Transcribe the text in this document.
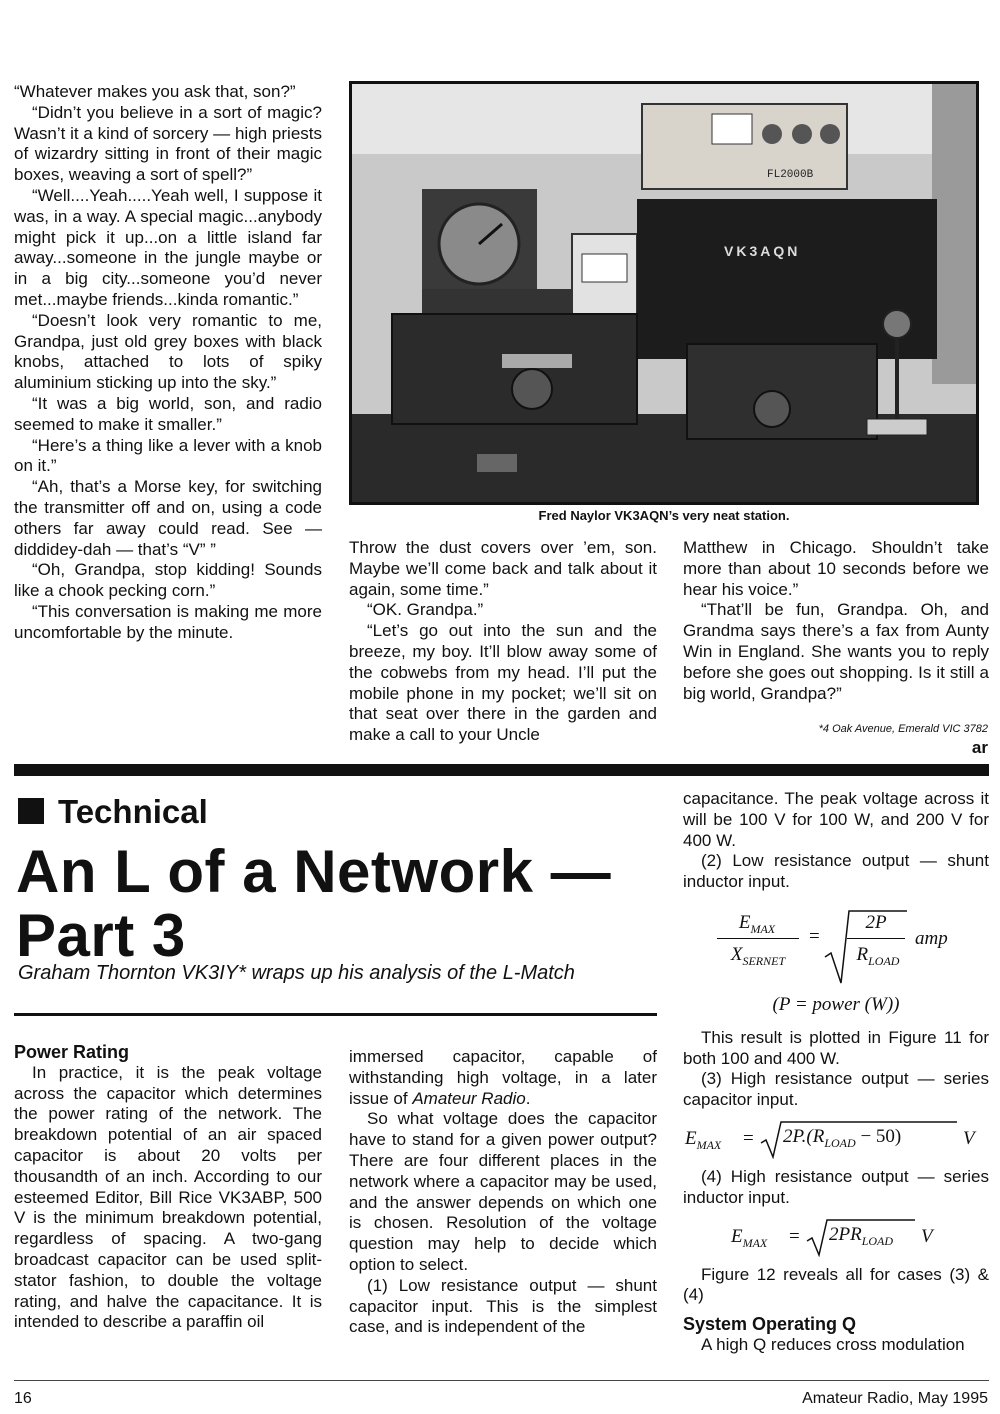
“Whatever makes you ask that, son?”

“Didn’t you believe in a sort of magic? Wasn’t it a kind of sorcery — high priests of wizardry sitting in front of their magic boxes, weaving a sort of spell?”

“Well....Yeah.....Yeah well, I suppose it was, in a way. A special magic...anybody might pick it up...on a little island far away...someone in the jungle maybe or in a big city...someone you’d never met...maybe friends...kinda romantic.”

“Doesn’t look very romantic to me, Grandpa, just old grey boxes with black knobs, attached to lots of spiky aluminium sticking up into the sky.”

“It was a big world, son, and radio seemed to make it smaller.”

“Here’s a thing like a lever with a knob on it.”

“Ah, that’s a Morse key, for switching the transmitter off and on, using a code others far away could read. See — diddidey-dah — that’s “V” ”

“Oh, Grandpa, stop kidding! Sounds like a chook pecking corn.”

“This conversation is making me more uncomfortable by the minute.

FL2000B
VK3AQN
Fred Naylor VK3AQN’s very neat station.

Throw the dust covers over ’em, son. Maybe we’ll come back and talk about it again, some time.”

“OK. Grandpa.”

“Let’s go out into the sun and the breeze, my boy. It’ll blow away some of the cobwebs from my head. I’ll put the mobile phone in my pocket; we’ll sit on that seat over there in the garden and make a call to your Uncle

Matthew in Chicago. Shouldn’t take more than about 10 seconds before we hear his voice.”

“That’ll be fun, Grandpa. Oh, and Grandma says there’s a fax from Aunty Win in England. She wants you to reply before she goes out shopping. Is it still a big world, Grandpa?”

*4 Oak Avenue, Emerald VIC 3782
ar
Technical
An L of a Network —
Part 3
Graham Thornton VK3IY* wraps up his analysis of the L-Match

Power Rating

In practice, it is the peak voltage across the capacitor which determines the power rating of the network. The breakdown potential of an air spaced capacitor is about 20 volts per thousandth of an inch. According to our esteemed Editor, Bill Rice VK3ABP, 500 V is the minimum breakdown potential, regardless of spacing. A two-gang broadcast capacitor can be used split-stator fashion, to double the voltage rating, and halve the capacitance. It is intended to describe a paraffin oil

immersed capacitor, capable of withstanding high voltage, in a later issue of Amateur Radio.

So what voltage does the capacitor have to stand for a given power output? There are four different places in the network where a capacitor may be used, and the answer depends on which one is chosen. Resolution of the voltage question may help to decide which option to select.

(1) Low resistance output — shunt capacitor input. This is the simplest case, and is independent of the

capacitance. The peak voltage across it will be 100 V for 100 W, and 200 V for 400 W.

(2) Low resistance output — shunt inductor input.

$E_{MAX}$
$X_{SERNET}$
=
2P
$R_{LOAD}$
amp
(P = power (W))

This result is plotted in Figure 11 for both 100 and 400 W.

(3) High resistance output — series capacitor input.

$E_{MAX} = 2P.(R_{LOAD} - 50)$	V

(4) High resistance output — series inductor input.

$E_{MAX} = 2PR_{LOAD}$ V

Figure 12 reveals all for cases (3) & (4)

System Operating Q

A high Q reduces cross modulation

16	Amateur Radio, May 1995
